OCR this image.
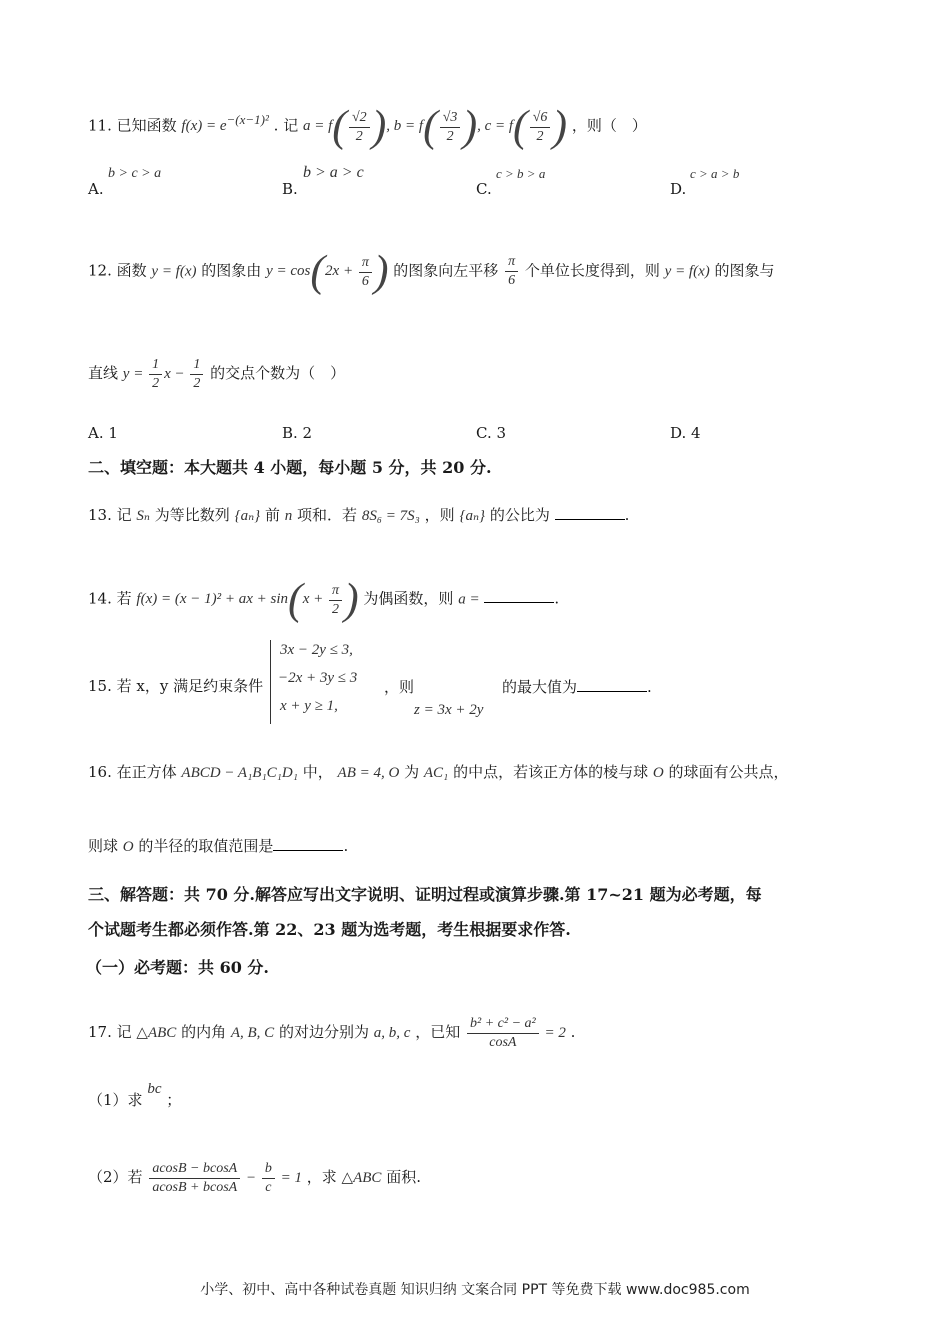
11. 已知函数 $f(x) = e^{-(x-1)^2}$ . 记 $a = f( \frac{√2}{2}$ ), $b = f( \frac{√3}{2}$ ), $c = f( \frac{√6}{2}$ ) ，则（　）
A.
b > c > a
B.
b > a > c
C.
c > b > a
D.
c > a > b
12. 函数 y = f(x) 的图象由 $y = \cos(2x + \frac{\pi}{6}$ ) 的图象向左平移 $\frac{\pi}{6}$ 个单位长度得到，则 y = f(x) 的图象与
直线 $y = \frac{1}{2}$ $x - \frac{1}{2}$ 的交点个数为（　）
A. 1	B. 2	C. 3	D. 4
二、填空题：本大题共 4 小题，每小题 5 分，共 20 分.
13. 记 Sₙ 为等比数列 {aₙ} 前 n 项和．若 8S₆ = 7S₃ ，则 {aₙ} 的公比为	.
14. 若 f(x) = (x − 1)² + ax + $\sin(x + \frac{\pi}{2}$ ) 为偶函数，则 a =	.
15. 若 x，y 满足约束条件
3x − 2y ≤ 3,
−2x + 3y ≤ 3
x + y ≥ 1,
，则
z = 3x + 2y
的最大值为	.
16. 在正方体 ABCD − A₁B₁C₁D₁ 中， AB = 4, O 为 AC₁ 的中点，若该正方体的棱与球 O 的球面有公共点，
则球 O 的半径的取值范围是	.
三、解答题：共 70 分.解答应写出文字说明、证明过程或演算步骤.第 17~21 题为必考题，每
个试题考生都必须作答.第 22、23 题为选考题，考生根据要求作答.
（一）必考题：共 60 分.
17. 记 △ABC 的内角 A, B, C 的对边分别为 a, b, c ，已知 $\frac{\text{b² + c² − a²}}{\cos A} = 2$ .
（1）求 bc ；
（2）若 $\frac{acosB - bcosA}{acosB + bcosA} - \frac{b}{c} = 1$ ，求 △ABC 面积.
小学、初中、高中各种试卷真题 知识归纳 文案合同 PPT 等免费下载 www.doc985.com
